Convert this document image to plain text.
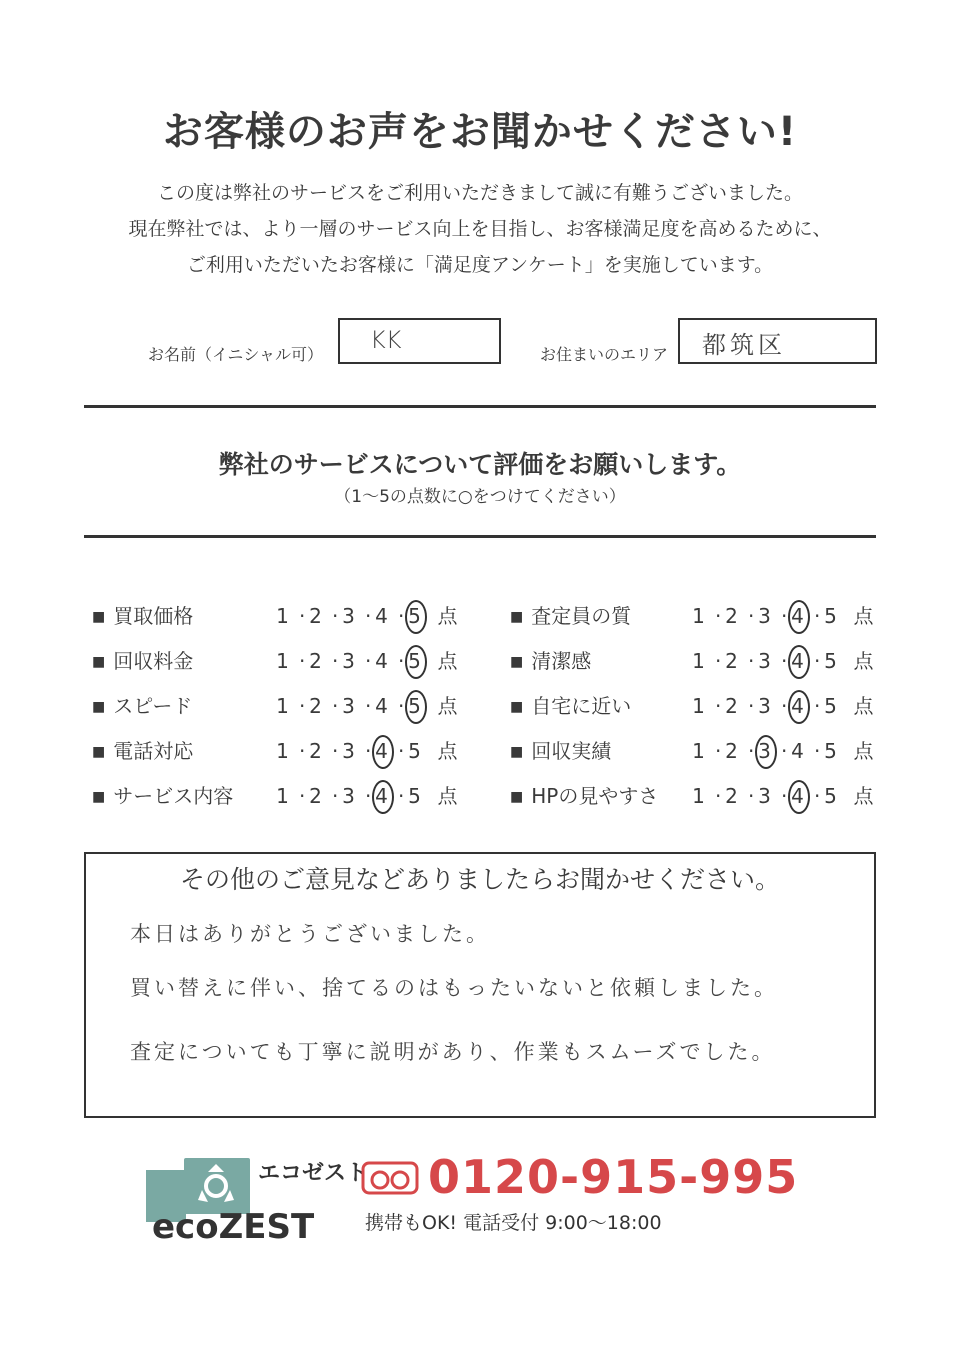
お客様のお声をお聞かせください!
この度は弊社のサービスをご利用いただきまして誠に有難うございました。
現在弊社では、より一層のサービス向上を目指し、お客様満足度を高めるために、
ご利用いただいたお客様に「満足度アンケート」を実施しています。
お名前（イニシャル可）
KK
お住まいのエリア	都筑区
弊社のサービスについて評価をお願いします。
（1〜5の点数に○をつけてください）
■ 買取価格	1 · 2 · 3 · 4 · 5 点
■ 回収料金	1 · 2 · 3 · 4 · 5 点
■ スピード	1 · 2 · 3 · 4 · 5 点
■ 電話対応	1 · 2 · 3 · 4 · 5 点
■ サービス内容	1 · 2 · 3 · 4 · 5 点
■ 査定員の質	1 · 2 · 3 · 4 · 5 点
■ 清潔感	1 · 2 · 3 · 4 · 5 点
■ 自宅に近い	1 · 2 · 3 · 4 · 5 点
■ 回収実績	1 · 2 · 3 · 4 · 5 点
■ HPの見やすさ	1 · 2 · 3 · 4 · 5 点
その他のご意見などありましたらお聞かせください。
本日はありがとうございました。
買い替えに伴い、捨てるのはもったいないと依頼しました。
査定についても丁寧に説明があり、作業もスムーズでした。
エコゼスト
ecoZEST
0120-915-995
携帯もOK! 電話受付 9:00〜18:00
